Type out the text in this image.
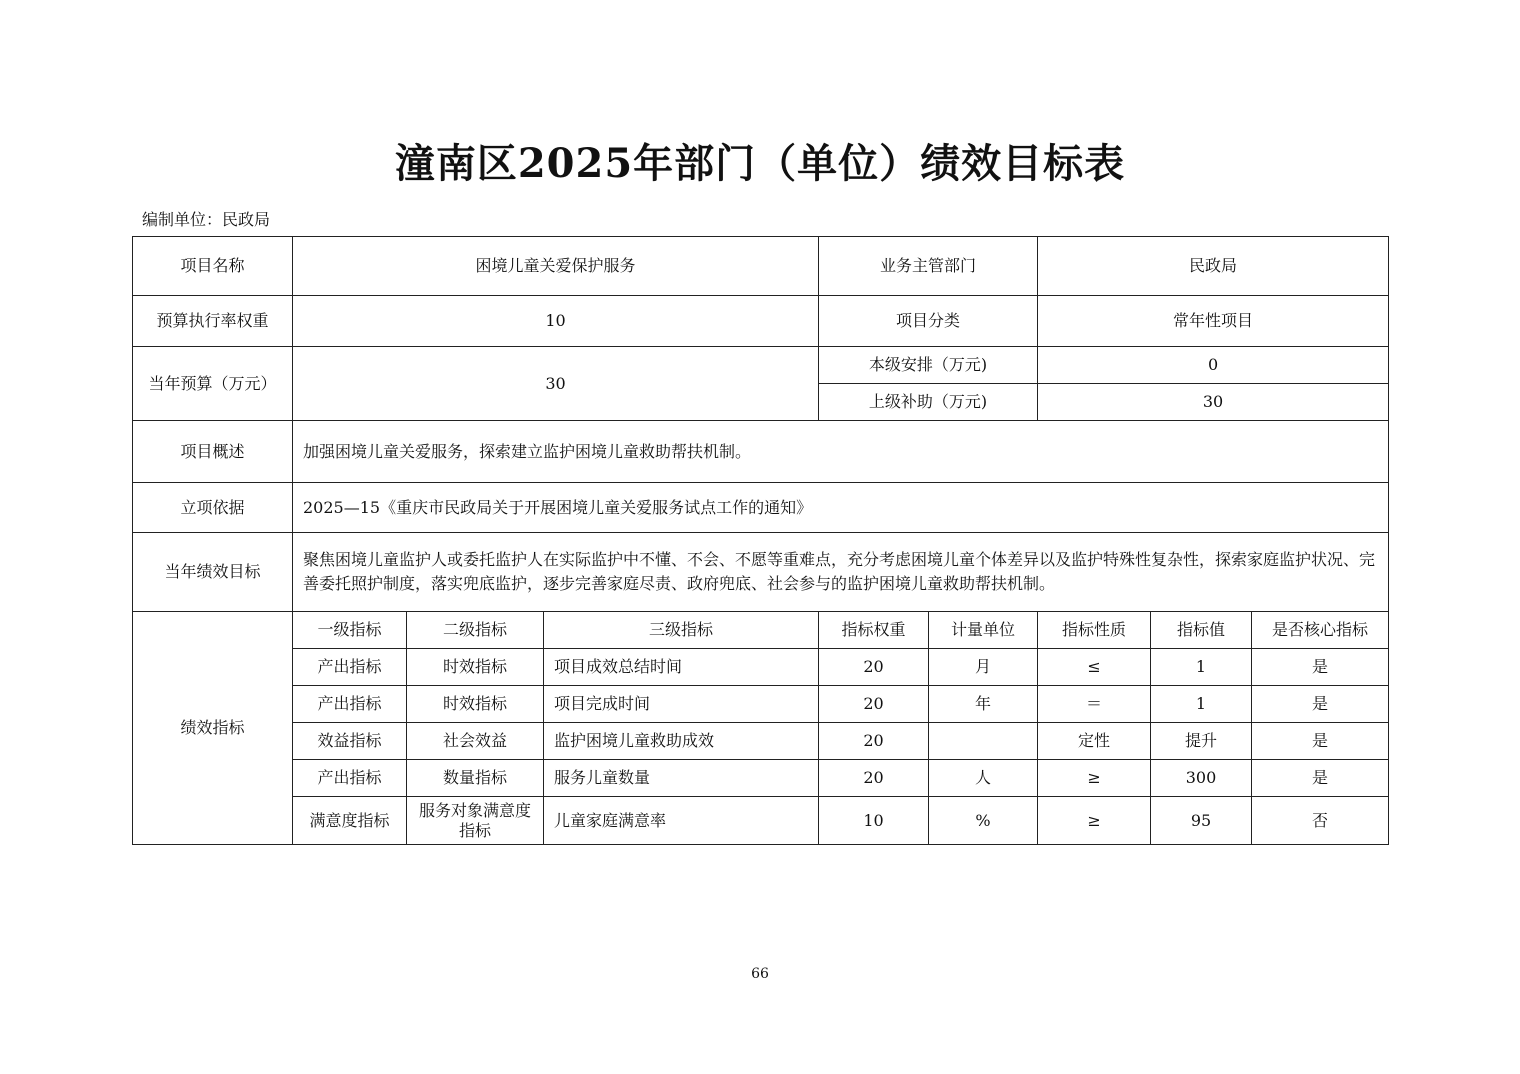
潼南区2025年部门（单位）绩效目标表
编制单位：民政局
项目名称	困境儿童关爱保护服务			业务主管部门		民政局		
预算执行率权重	10			项目分类		常年性项目		
当年预算（万元）	30			本级安排（万元)		0		
				上级补助（万元)		30		
项目概述	加强困境儿童关爱服务，探索建立监护困境儿童救助帮扶机制。							
立项依据	2025—15《重庆市民政局关于开展困境儿童关爱服务试点工作的通知》							
当年绩效目标	聚焦困境儿童监护人或委托监护人在实际监护中不懂、不会、不愿等重难点，充分考虑困境儿童个体差异以及监护特殊性复杂性，探索家庭监护状况、完善委托照护制度，落实兜底监护，逐步完善家庭尽责、政府兜底、社会参与的监护困境儿童救助帮扶机制。							
绩效指标	一级指标	二级指标	三级指标	指标权重	计量单位	指标性质	指标值	是否核心指标
	产出指标	时效指标	项目成效总结时间	20	月	≤	1	是
	产出指标	时效指标	项目完成时间	20	年	＝	1	是
	效益指标	社会效益	监护困境儿童救助成效	20		定性	提升	是
	产出指标	数量指标	服务儿童数量	20	人	≥	300	是
	满意度指标	服务对象满意度指标	儿童家庭满意率	10	%	≥	95	否
66
